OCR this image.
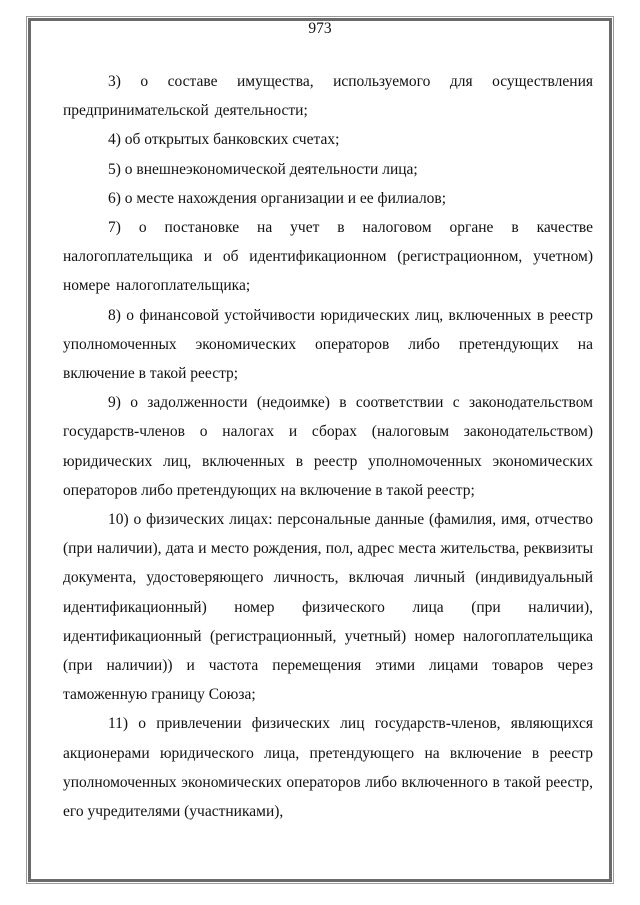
973

3) о составе имущества, используемого для осуществления предпринимательской деятельности;

4) об открытых банковских счетах;

5) о внешнеэкономической деятельности лица;

6) о месте нахождения организации и ее филиалов;

7) о постановке на учет в налоговом органе в качестве налогоплательщика и об идентификационном (регистрационном, учетном) номере налогоплательщика;

8) о финансовой устойчивости юридических лиц, включенных в реестр уполномоченных экономических операторов либо претендующих на включение в такой реестр;

9) о задолженности (недоимке) в соответствии с законодательством государств-членов о налогах и сборах (налоговым законодательством) юридических лиц, включенных в реестр уполномоченных экономических операторов либо претендующих на включение в такой реестр;

10) о физических лицах: персональные данные (фамилия, имя, отчество (при наличии), дата и место рождения, пол, адрес места жительства, реквизиты документа, удостоверяющего личность, включая личный (индивидуальный идентификационный) номер физического лица (при наличии), идентификационный (регистрационный, учетный) номер налогоплательщика (при наличии)) и частота перемещения этими лицами товаров через таможенную границу Союза;

11) о привлечении физических лиц государств-членов, являющихся акционерами юридического лица, претендующего на включение в реестр уполномоченных экономических операторов либо включенного в такой реестр, его учредителями (участниками),
